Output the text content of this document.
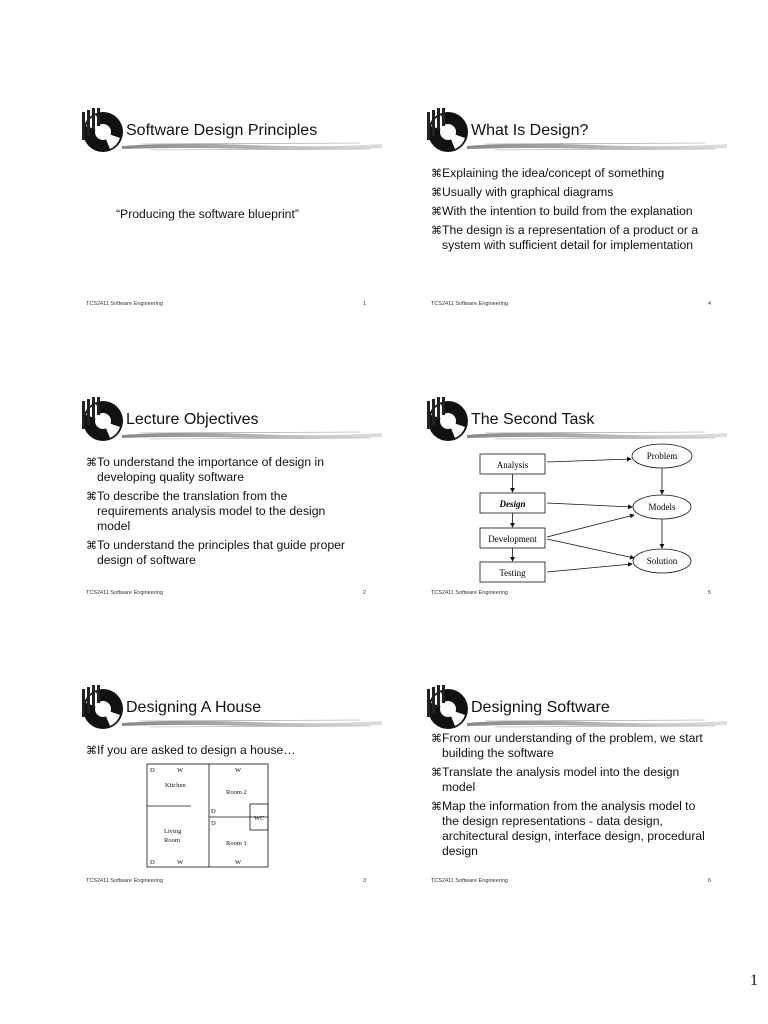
Software Design Principles
“Producing the software blueprint”
TCS2411 Software Engineering	1
What Is Design?
⌘Explaining the idea/concept of something
⌘Usually with graphical diagrams
⌘With the intention to build from the explanation
⌘The design is a representation of a product or a system with sufficient detail for implementation
TCS2411 Software Engineering	4
Lecture Objectives
⌘To understand the importance of design in developing quality software
⌘To describe the translation from the requirements analysis model to the design model
⌘To understand the principles that guide proper design of software
TCS2411 Software Engineering	2
The Second Task
Analysis
Design
Development
Testing
Problem
Models
Solution
TCS2411 Software Engineering	5
Designing A House
⌘If you are asked to design a house…
D	W	W
Kitchen
Room 2
D
D
WC
Living
Room	Room 1
D	W	W
TCS2411 Software Engineering	3
Designing Software
⌘From our understanding of the problem, we start building the software
⌘Translate the analysis model into the design model
⌘Map the information from the analysis model to the design representations - data design, architectural design, interface design, procedural design
TCS2411 Software Engineering	6
1
